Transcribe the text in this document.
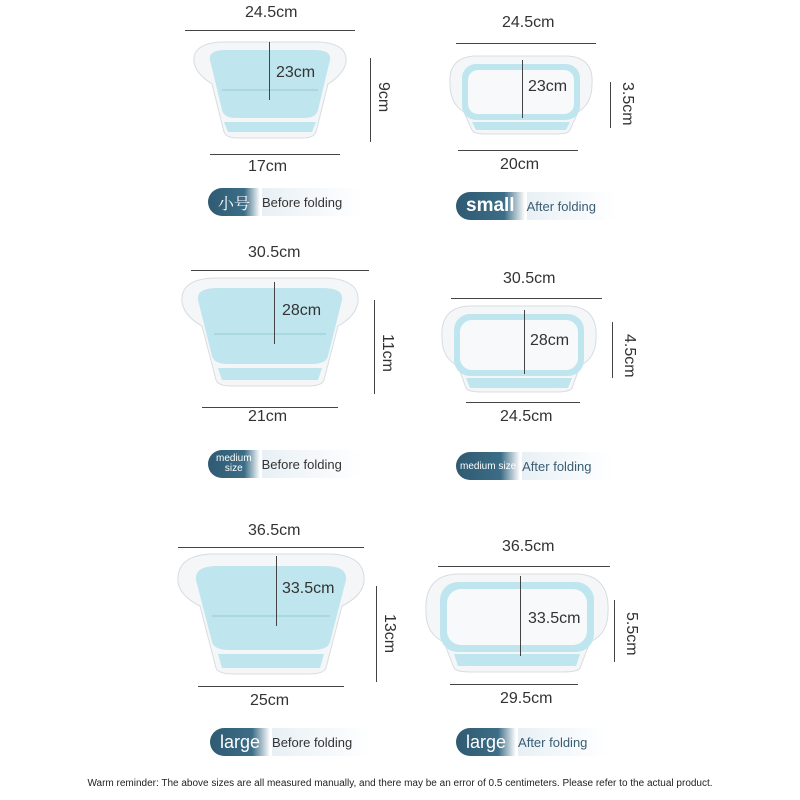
24.5cm
23cm
9cm
17cm
小号 Before folding
24.5cm
23cm	3.5cm
20cm
small After folding
30.5cm
28cm
11cm
21cm
medium
size Before folding
30.5cm
28cm	4.5cm
24.5cm
medium size After folding
36.5cm
33.5cm
13cm
25cm
large Before folding
36.5cm
33.5cm	5.5cm
29.5cm
large After folding
Warm reminder: The above sizes are all measured manually, and there may be an error of 0.5 centimeters. Please refer to the actual product.
